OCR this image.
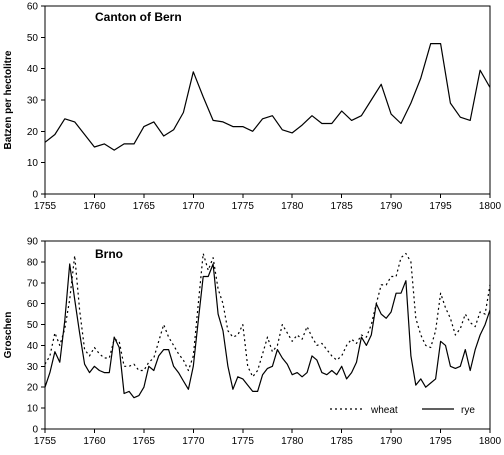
Canton of Bern
Batzen per hectolitre
0
10
20
30
40
50
60
1755	1760	1765	1770	1775	1780	1785	1790	1795	1800
Brno
Groschen
0
10
20
30
40
50
60
70
80
90
1755	1760	1765	1770	1775	1780	1785	1790	1795	1800
wheat	rye
